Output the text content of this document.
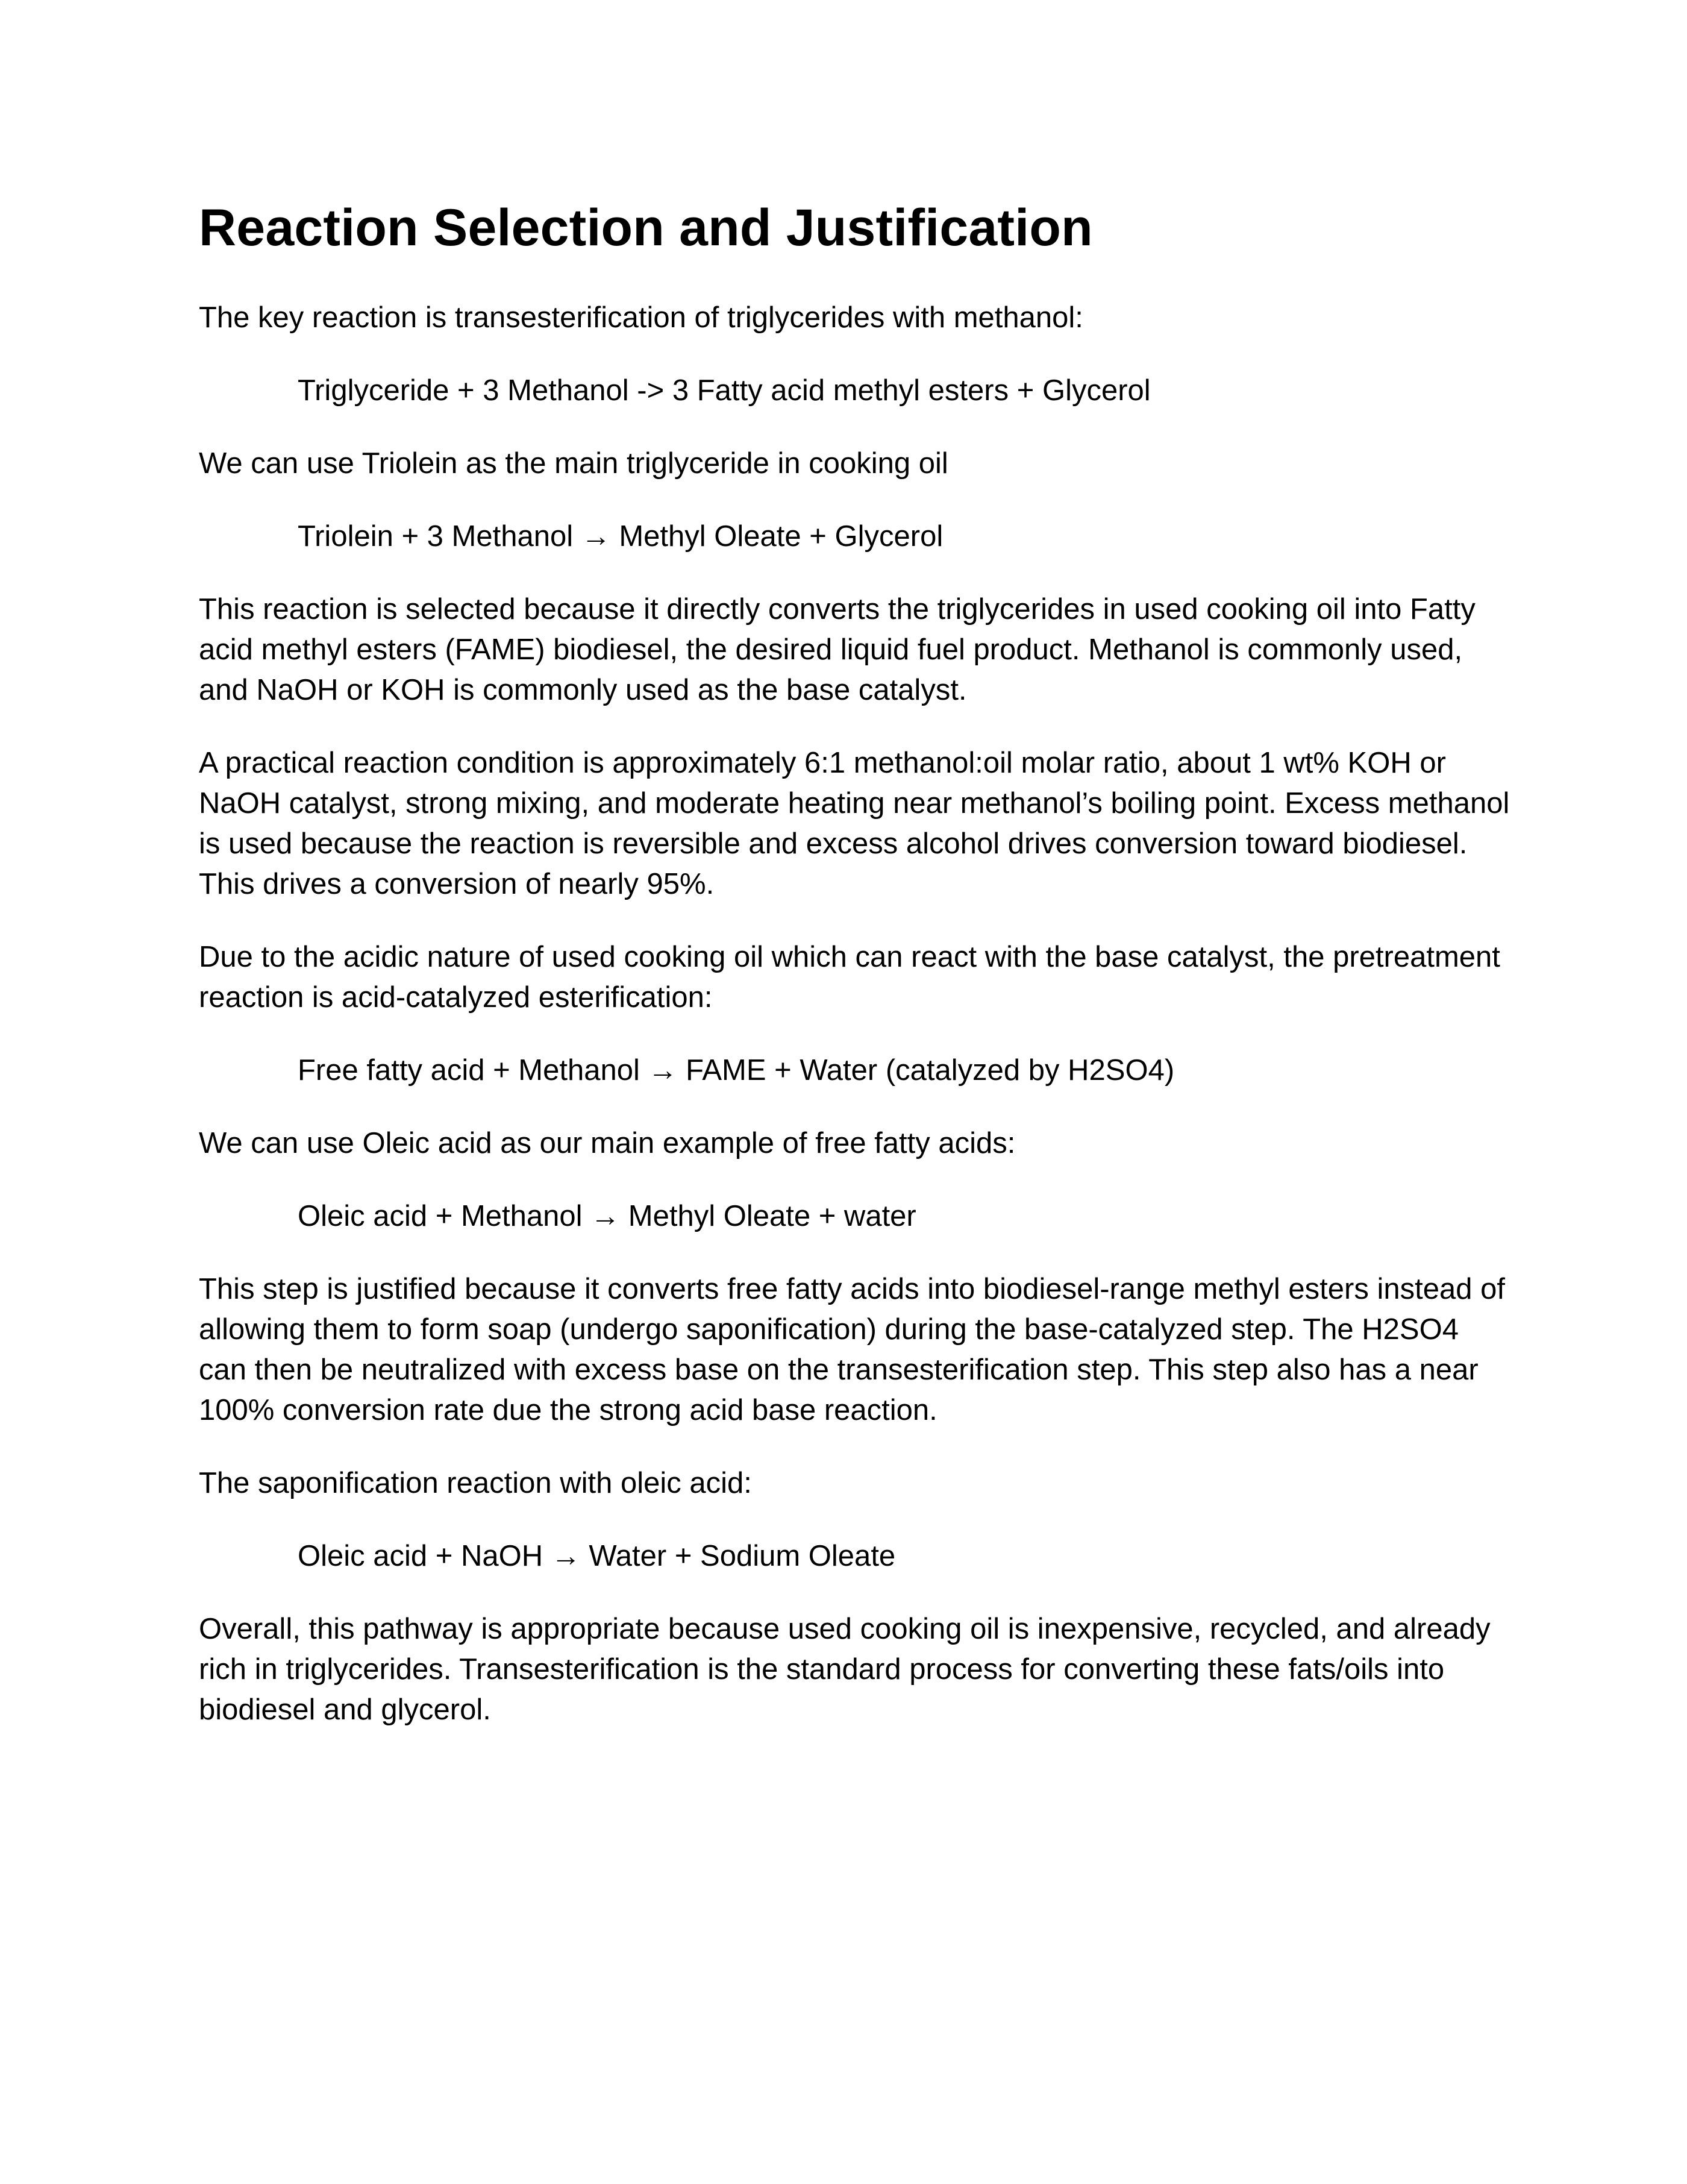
Reaction Selection and Justification

The key reaction is transesterification of triglycerides with methanol:

Triglyceride + 3 Methanol -> 3 Fatty acid methyl esters + Glycerol

We can use Triolein as the main triglyceride in cooking oil

Triolein + 3 Methanol → Methyl Oleate + Glycerol

This reaction is selected because it directly converts the triglycerides in used cooking oil into Fatty acid methyl esters (FAME) biodiesel, the desired liquid fuel product. Methanol is commonly used, and NaOH or KOH is commonly used as the base catalyst.

A practical reaction condition is approximately 6:1 methanol:oil molar ratio, about 1 wt% KOH or NaOH catalyst, strong mixing, and moderate heating near methanol’s boiling point. Excess methanol is used because the reaction is reversible and excess alcohol drives conversion toward biodiesel. This drives a conversion of nearly 95%.

Due to the acidic nature of used cooking oil which can react with the base catalyst, the pretreatment reaction is acid-catalyzed esterification:

Free fatty acid + Methanol → FAME + Water (catalyzed by H2SO4)

We can use Oleic acid as our main example of free fatty acids:

Oleic acid + Methanol → Methyl Oleate + water

This step is justified because it converts free fatty acids into biodiesel-range methyl esters instead of allowing them to form soap (undergo saponification) during the base-catalyzed step. The H2SO4 can then be neutralized with excess base on the transesterification step. This step also has a near 100% conversion rate due the strong acid base reaction.

The saponification reaction with oleic acid:

Oleic acid + NaOH → Water + Sodium Oleate

Overall, this pathway is appropriate because used cooking oil is inexpensive, recycled, and already rich in triglycerides. Transesterification is the standard process for converting these fats/oils into biodiesel and glycerol.
